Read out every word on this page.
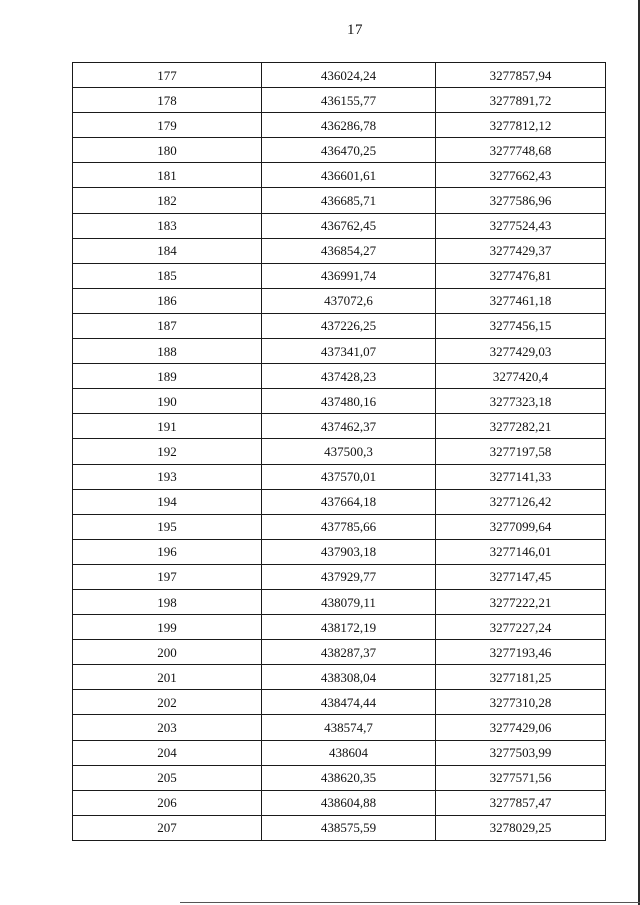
17
177	436024,24	3277857,94
178	436155,77	3277891,72
179	436286,78	3277812,12
180	436470,25	3277748,68
181	436601,61	3277662,43
182	436685,71	3277586,96
183	436762,45	3277524,43
184	436854,27	3277429,37
185	436991,74	3277476,81
186	437072,6	3277461,18
187	437226,25	3277456,15
188	437341,07	3277429,03
189	437428,23	3277420,4
190	437480,16	3277323,18
191	437462,37	3277282,21
192	437500,3	3277197,58
193	437570,01	3277141,33
194	437664,18	3277126,42
195	437785,66	3277099,64
196	437903,18	3277146,01
197	437929,77	3277147,45
198	438079,11	3277222,21
199	438172,19	3277227,24
200	438287,37	3277193,46
201	438308,04	3277181,25
202	438474,44	3277310,28
203	438574,7	3277429,06
204	438604	3277503,99
205	438620,35	3277571,56
206	438604,88	3277857,47
207	438575,59	3278029,25
